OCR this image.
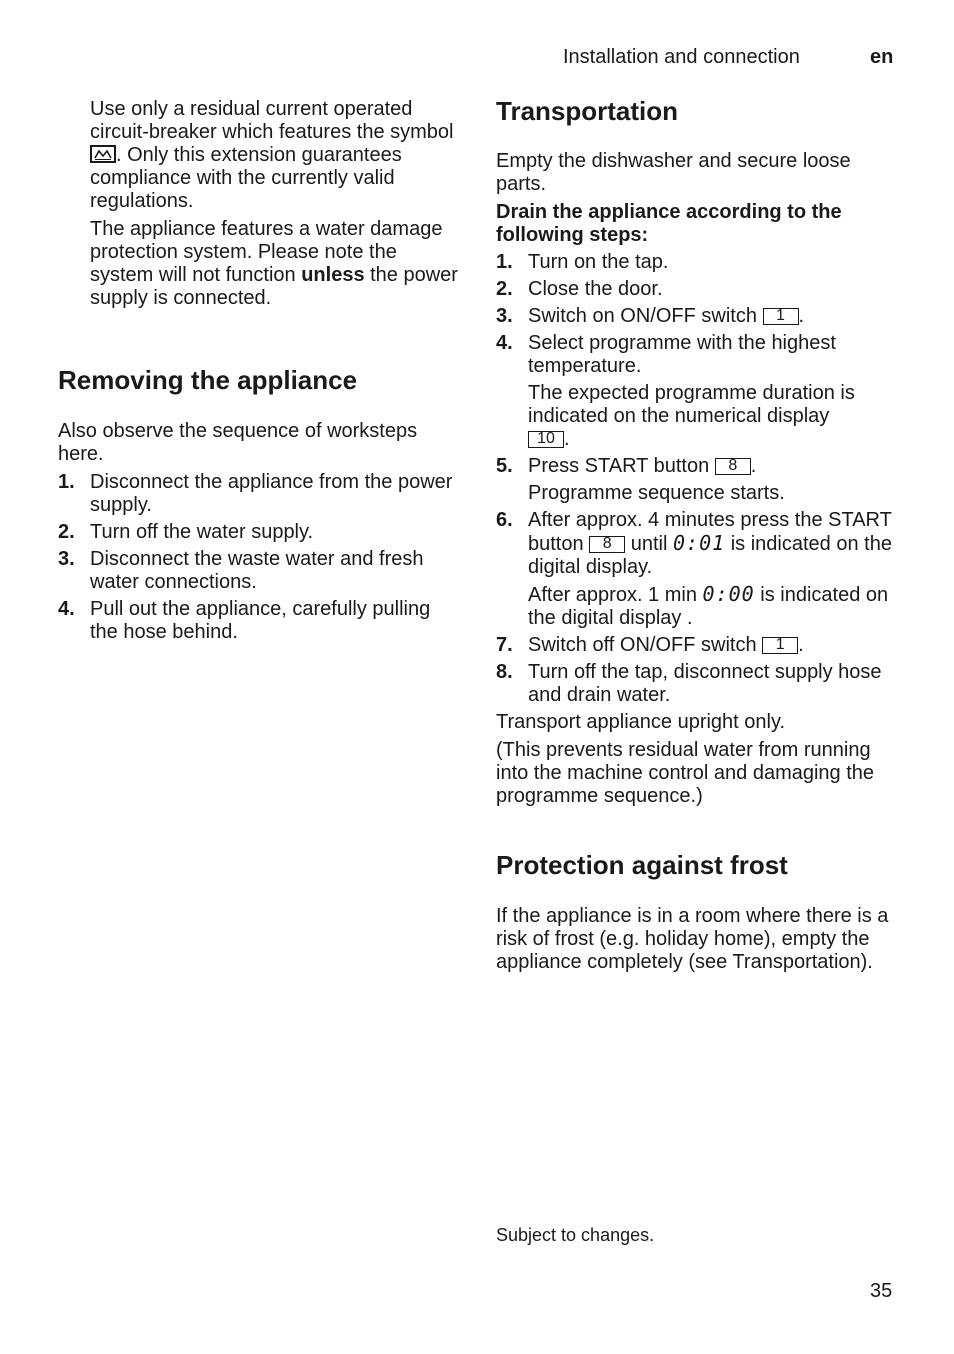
Installation and connection	en

Use only a residual current operated circuit-breaker which features the symbol
. Only this extension guarantees compliance with the currently valid regulations.

The appliance features a water damage protection system. Please note the system will not function unless the power supply is connected.

Removing the appliance

Also observe the sequence of worksteps here.

1. Disconnect the appliance from the power supply.
2. Turn off the water supply.
3. Disconnect the waste water and fresh water connections.
4. Pull out the appliance, carefully pulling the hose behind.
Transportation

Empty the dishwasher and secure loose parts.

Drain the appliance according to the following steps:

1. Turn on the tap.
2. Close the door.
3. Switch on ON/OFF switch 1 .
4. Select programme with the highest temperature.
The expected programme duration is indicated on the numerical display
10 .
5. Press START button 8 .
Programme sequence starts.
6. After approx. 4 minutes press the START button 8 until 0:01 is indicated on the digital display.
After approx. 1 min 0:00 is indicated on the digital display .
7. Switch off ON/OFF switch 1 .
8. Turn off the tap, disconnect supply hose and drain water.

Transport appliance upright only.

(This prevents residual water from running into the machine control and damaging the programme sequence.)

Protection against frost

If the appliance is in a room where there is a risk of frost (e.g. holiday home), empty the appliance completely (see Transportation).

Subject to changes.
35
